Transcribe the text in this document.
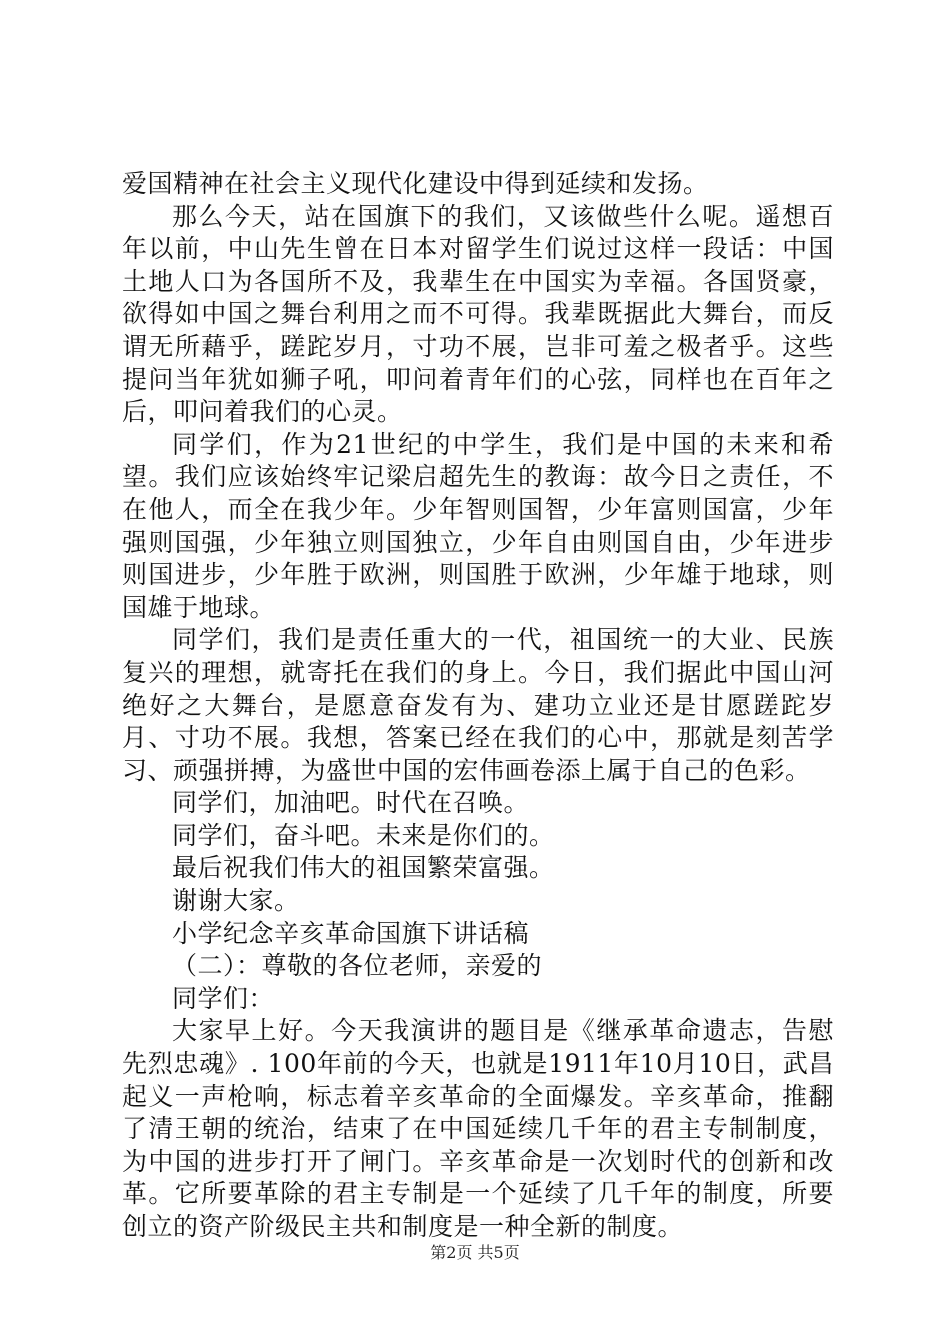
爱国精神在社会主义现代化建设中得到延续和发扬。

那么今天，站在国旗下的我们，又该做些什么呢。遥想百年以前，中山先生曾在日本对留学生们说过这样一段话：中国土地人口为各国所不及，我辈生在中国实为幸福。各国贤豪，欲得如中国之舞台利用之而不可得。我辈既据此大舞台，而反谓无所藉乎，蹉跎岁月，寸功不展，岂非可羞之极者乎。这些提问当年犹如狮子吼，叩问着青年们的心弦，同样也在百年之后，叩问着我们的心灵。

同学们，作为21世纪的中学生，我们是中国的未来和希望。我们应该始终牢记梁启超先生的教诲：故今日之责任，不在他人，而全在我少年。少年智则国智，少年富则国富，少年强则国强，少年独立则国独立，少年自由则国自由，少年进步则国进步，少年胜于欧洲，则国胜于欧洲，少年雄于地球，则国雄于地球。

同学们，我们是责任重大的一代，祖国统一的大业、民族复兴的理想，就寄托在我们的身上。今日，我们据此中国山河绝好之大舞台，是愿意奋发有为、建功立业还是甘愿蹉跎岁月、寸功不展。我想，答案已经在我们的心中，那就是刻苦学习、顽强拼搏，为盛世中国的宏伟画卷添上属于自己的色彩。

同学们，加油吧。时代在召唤。

同学们，奋斗吧。未来是你们的。

最后祝我们伟大的祖国繁荣富强。

谢谢大家。

小学纪念辛亥革命国旗下讲话稿

（二）：尊敬的各位老师，亲爱的

同学们：

大家早上好。今天我演讲的题目是《继承革命遗志，告慰先烈忠魂》. 100年前的今天，也就是1911年10月10日，武昌起义一声枪响，标志着辛亥革命的全面爆发。辛亥革命，推翻了清王朝的统治，结束了在中国延续几千年的君主专制制度，为中国的进步打开了闸门。辛亥革命是一次划时代的创新和改革。它所要革除的君主专制是一个延续了几千年的制度，所要创立的资产阶级民主共和制度是一种全新的制度。

第2页 共5页
